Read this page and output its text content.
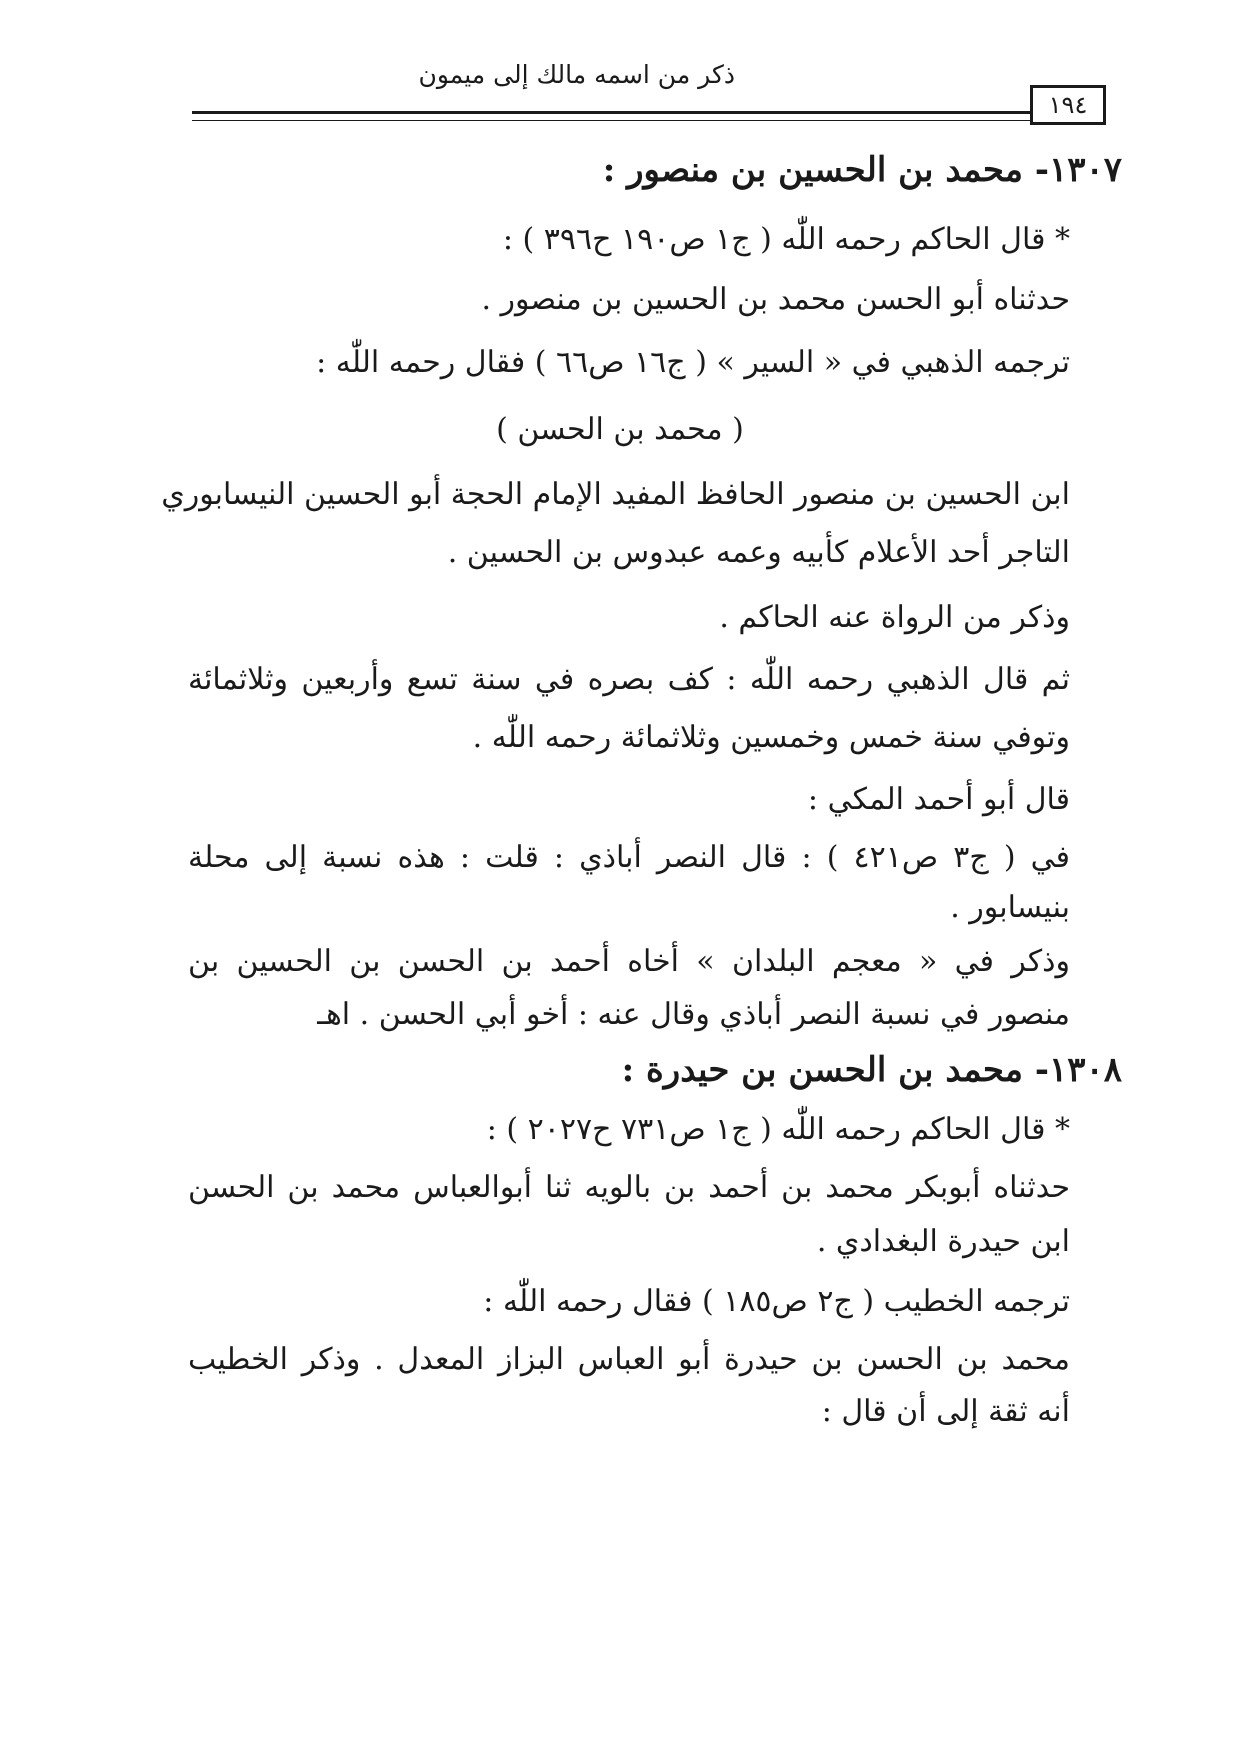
ذكر من اسمه مالك إلى ميمون
١٩٤
١٣٠٧- محمد بن الحسين بن منصور :
* قال الحاكم رحمه اللّٰه ( ج١ ص١٩٠ ح٣٩٦ ) :
حدثناه أبو الحسن محمد بن الحسين بن منصور .
ترجمه الذهبي في « السير » ( ج١٦ ص٦٦ ) فقال رحمه اللّٰه :
( محمد بن الحسن )
ابن الحسين بن منصور الحافظ المفيد الإمام الحجة أبو الحسين النيسابوري
التاجر أحد الأعلام كأبيه وعمه عبدوس بن الحسين .
وذكر من الرواة عنه الحاكم .
ثم قال الذهبي رحمه اللّٰه : كف بصره في سنة تسع وأربعين وثلاثمائة
وتوفي سنة خمس وخمسين وثلاثمائة رحمه اللّٰه .
قال أبو أحمد المكي :
في ( ج٣ ص٤٢١ ) : قال النصر أباذي : قلت : هذه نسبة إلى محلة
بنيسابور .
وذكر في « معجم البلدان » أخاه أحمد بن الحسن بن الحسين بن
منصور في نسبة النصر أباذي وقال عنه : أخو أبي الحسن . اهـ
١٣٠٨- محمد بن الحسن بن حيدرة :
* قال الحاكم رحمه اللّٰه ( ج١ ص٧٣١ ح٢٠٢٧ ) :
حدثناه أبوبكر محمد بن أحمد بن بالويه ثنا أبوالعباس محمد بن الحسن
ابن حيدرة البغدادي .
ترجمه الخطيب ( ج٢ ص١٨٥ ) فقال رحمه اللّٰه :
محمد بن الحسن بن حيدرة أبو العباس البزاز المعدل . وذكر الخطيب
أنه ثقة إلى أن قال :
